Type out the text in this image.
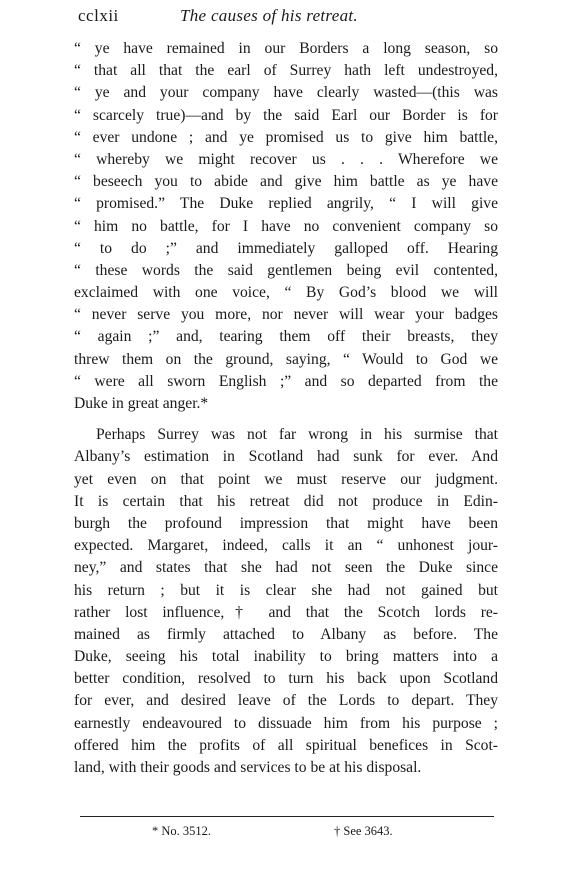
cclxii	The causes of his retreat.
“ ye have remained in our Borders a long season, so
“ that all that the earl of Surrey hath left undestroyed,
“ ye and your company have clearly wasted—(this was
“ scarcely true)—and by the said Earl our Border is for
“ ever undone ; and ye promised us to give him battle,
“ whereby we might recover us . . . Wherefore we
“ beseech you to abide and give him battle as ye have
“ promised.” The Duke replied angrily, “ I will give
“ him no battle, for I have no convenient company so
“ to do ;” and immediately galloped off. Hearing
“ these words the said gentlemen being evil contented,
exclaimed with one voice, “ By God’s blood we will
“ never serve you more, nor never will wear your badges
“ again ;” and, tearing them off their breasts, they
threw them on the ground, saying, “ Would to God we
“ were all sworn English ;” and so departed from the
Duke in great anger.*
Perhaps Surrey was not far wrong in his surmise that
Albany’s estimation in Scotland had sunk for ever. And
yet even on that point we must reserve our judgment.
It is certain that his retreat did not produce in Edin-
burgh the profound impression that might have been
expected. Margaret, indeed, calls it an “ unhonest jour-
ney,” and states that she had not seen the Duke since
his return ; but it is clear she had not gained but
rather lost influence,† and that the Scotch lords re-
mained as firmly attached to Albany as before. The
Duke, seeing his total inability to bring matters into a
better condition, resolved to turn his back upon Scotland
for ever, and desired leave of the Lords to depart. They
earnestly endeavoured to dissuade him from his purpose ;
offered him the profits of all spiritual benefices in Scot-
land, with their goods and services to be at his disposal.
* No. 3512.	† See 3643.
